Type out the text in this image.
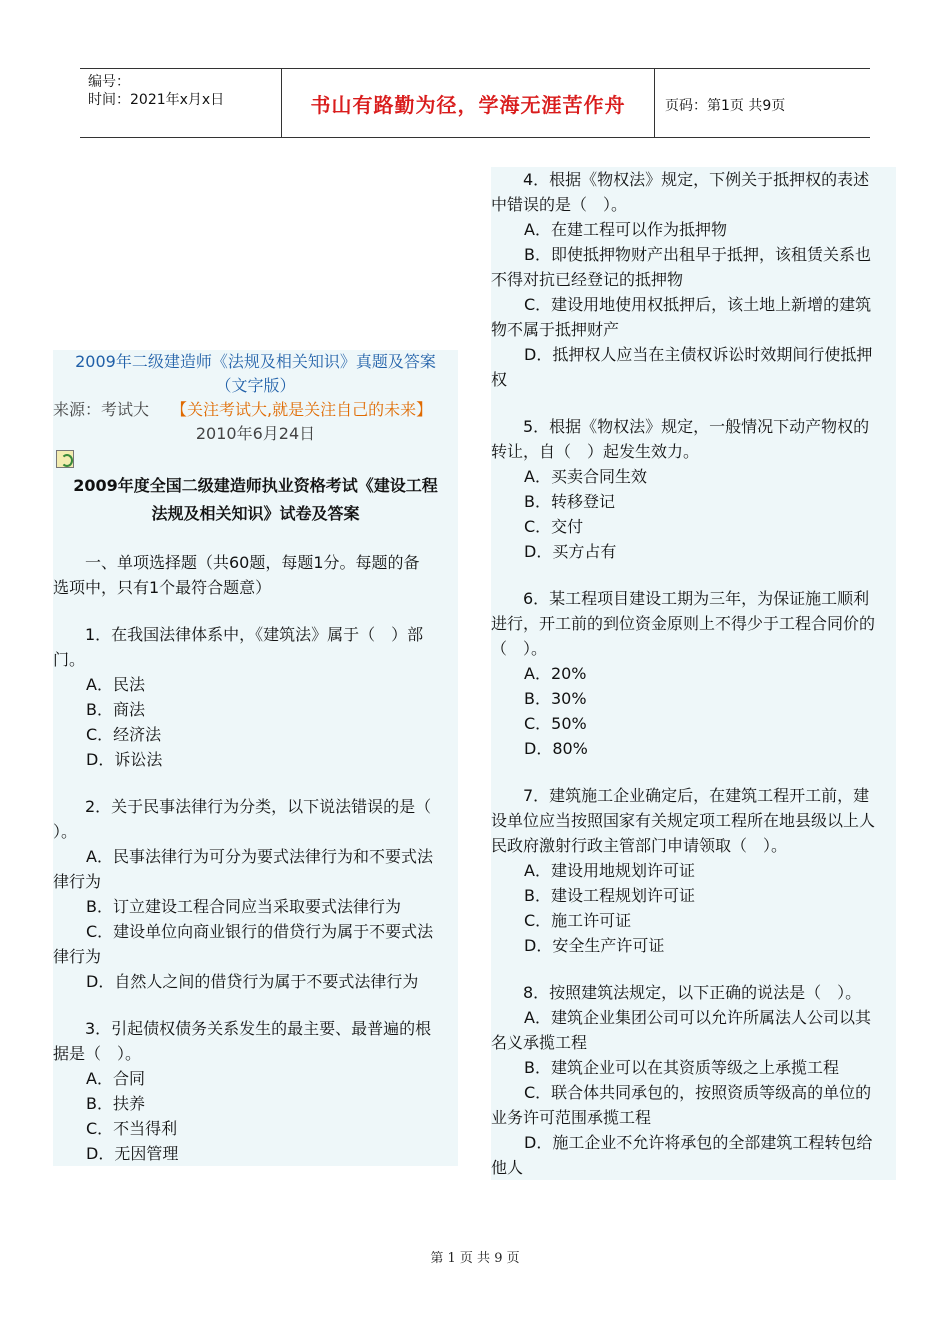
编号：
时间：2021年x月x日	书山有路勤为径，学海无涯苦作舟	页码：第1页 共9页

2009年二级建造师《法规及相关知识》真题及答案

（文字版）

来源：考试大 【关注考试大,就是关注自己的未来】

2010年6月24日

2009年度全国二级建造师执业资格考试《建设工程

法规及相关知识》试卷及答案

一、单项选择题（共60题，每题1分。每题的备

选项中，只有1个最符合题意）

1．在我国法律体系中，《建筑法》属于（　）部

门。

A．民法

B．商法

C．经济法

D．诉讼法

2．关于民事法律行为分类，以下说法错误的是（

）。

A．民事法律行为可分为要式法律行为和不要式法

律行为

B．订立建设工程合同应当采取要式法律行为

C．建设单位向商业银行的借贷行为属于不要式法

律行为

D．自然人之间的借贷行为属于不要式法律行为

3．引起债权债务关系发生的最主要、最普遍的根

据是（　）。

A．合同

B．扶养

C．不当得利

D．无因管理

4．根据《物权法》规定，下例关于抵押权的表述

中错误的是（　）。

A．在建工程可以作为抵押物

B．即使抵押物财产出租早于抵押，该租赁关系也

不得对抗已经登记的抵押物

C．建设用地使用权抵押后，该土地上新增的建筑

物不属于抵押财产

D．抵押权人应当在主债权诉讼时效期间行使抵押

权

5．根据《物权法》规定，一般情况下动产物权的

转让，自（　）起发生效力。

A．买卖合同生效

B．转移登记

C．交付

D．买方占有

6．某工程项目建设工期为三年，为保证施工顺利

进行，开工前的到位资金原则上不得少于工程合同价的

（　）。

A．20%

B．30%

C．50%

D．80%

7．建筑施工企业确定后，在建筑工程开工前，建

设单位应当按照国家有关规定项工程所在地县级以上人

民政府激射行政主管部门申请领取（　）。

A．建设用地规划许可证

B．建设工程规划许可证

C．施工许可证

D．安全生产许可证

8．按照建筑法规定，以下正确的说法是（　）。

A．建筑企业集团公司可以允许所属法人公司以其

名义承揽工程

B．建筑企业可以在其资质等级之上承揽工程

C．联合体共同承包的，按照资质等级高的单位的

业务许可范围承揽工程

D．施工企业不允许将承包的全部建筑工程转包给

他人

第 1 页 共 9 页
